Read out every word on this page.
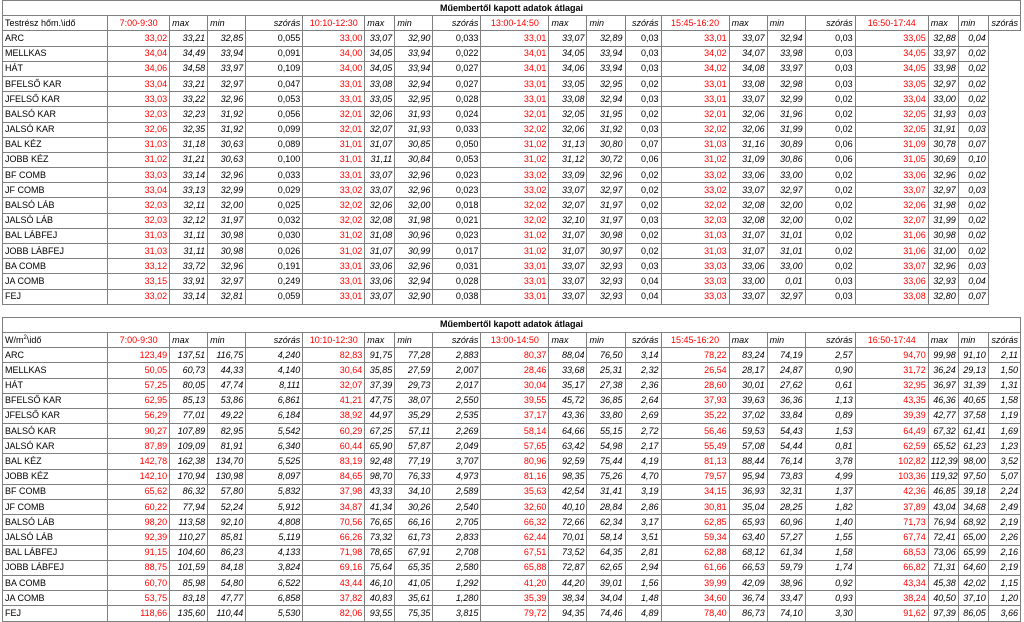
Műembertől kapott adatok átlagai																				
Testrész hőm.\idő	7:00-9:30	max	min	szórás	10:10-12:30	max	min	szórás	13:00-14:50	max	min	szórás	15:45-16:20	max	min	szórás	16:50-17:44	max	min	szórás
ARC	33,02	33,21	32,85	0,055	33,00	33,07	32,90	0,033	33,01	33,07	32,89	0,03	33,01	33,07	32,94	0,03	33,05	32,88	0,04	
MELLKAS	34,04	34,49	33,94	0,091	34,00	34,05	33,94	0,022	34,01	34,05	33,94	0,03	34,02	34,07	33,98	0,03	34,05	33,97	0,02	
HÁT	34,06	34,58	33,97	0,109	34,00	34,05	33,94	0,027	34,01	34,06	33,94	0,03	34,02	34,08	33,97	0,03	34,05	33,98	0,02	
BFELSŐ KAR	33,04	33,21	32,97	0,047	33,01	33,08	32,94	0,027	33,01	33,05	32,95	0,02	33,01	33,08	32,98	0,03	33,05	32,97	0,02	
JFELSŐ KAR	33,03	33,22	32,96	0,053	33,01	33,05	32,95	0,028	33,01	33,08	32,94	0,03	33,01	33,07	32,99	0,02	33,04	33,00	0,02	
BALSÓ KAR	32,03	32,23	31,92	0,056	32,01	32,06	31,93	0,024	32,01	32,05	31,95	0,02	32,01	32,06	31,96	0,02	32,05	31,93	0,03	
JALSÓ KAR	32,06	32,35	31,92	0,099	32,01	32,07	31,93	0,033	32,02	32,06	31,92	0,03	32,02	32,06	31,99	0,02	32,05	31,91	0,03	
BAL KÉZ	31,03	31,18	30,63	0,089	31,01	31,07	30,85	0,050	31,02	31,13	30,80	0,07	31,03	31,16	30,89	0,06	31,09	30,78	0,07	
JOBB KÉZ	31,02	31,21	30,63	0,100	31,01	31,11	30,84	0,053	31,02	31,12	30,72	0,06	31,02	31,09	30,86	0,06	31,05	30,69	0,10	
BF COMB	33,03	33,14	32,96	0,033	33,01	33,07	32,96	0,023	33,02	33,09	32,96	0,02	33,02	33,06	33,00	0,02	33,06	32,96	0,02	
JF COMB	33,04	33,13	32,99	0,029	33,02	33,07	32,96	0,023	33,02	33,07	32,97	0,02	33,02	33,07	32,97	0,02	33,07	32,97	0,03	
BALSÓ LÁB	32,03	32,11	32,00	0,025	32,02	32,06	32,00	0,018	32,02	32,07	31,97	0,02	32,02	32,08	32,00	0,02	32,06	31,98	0,02	
JALSÓ LÁB	32,03	32,12	31,97	0,032	32,02	32,08	31,98	0,021	32,02	32,10	31,97	0,03	32,03	32,08	32,00	0,02	32,07	31,99	0,02	
BAL LÁBFEJ	31,03	31,11	30,98	0,030	31,02	31,08	30,96	0,023	31,02	31,07	30,98	0,02	31,03	31,07	31,01	0,02	31,06	30,98	0,02	
JOBB LÁBFEJ	31,03	31,11	30,98	0,026	31,02	31,07	30,99	0,017	31,02	31,07	30,97	0,02	31,03	31,07	31,01	0,02	31,06	31,00	0,02	
BA COMB	33,12	33,72	32,96	0,191	33,01	33,06	32,96	0,031	33,01	33,07	32,93	0,03	33,03	33,06	33,00	0,02	33,07	32,96	0,03	
JA COMB	33,15	33,91	32,97	0,249	33,01	33,06	32,94	0,028	33,01	33,07	32,93	0,04	33,03	33,00	0,01	0,03	33,06	32,93	0,04	
FEJ	33,02	33,14	32,81	0,059	33,01	33,07	32,90	0,038	33,01	33,07	32,93	0,04	33,03	33,07	32,97	0,03	33,08	32,80	0,07	
Műembertől kapott adatok átlagai																				
$W/m^2\backslash idő$	7:00-9:30	max	min	szórás	10:10-12:30	max	min	szórás	13:00-14:50	max	min	szórás	15:45-16:20	max	min	szórás	16:50-17:44	max	min	szórás
ARC	123,49	137,51	116,75	4,240	82,83	91,75	77,28	2,883	80,37	88,04	76,50	3,14	78,22	83,24	74,19	2,57	94,70	99,98	91,10	2,11
MELLKAS	50,05	60,73	44,33	4,140	30,64	35,85	27,59	2,007	28,46	33,68	25,31	2,32	26,54	28,17	24,87	0,90	31,72	36,24	29,13	1,50
HÁT	57,25	80,05	47,74	8,111	32,07	37,39	29,73	2,017	30,04	35,17	27,38	2,36	28,60	30,01	27,62	0,61	32,95	36,97	31,39	1,31
BFELSŐ KAR	62,95	85,13	53,86	6,861	41,21	47,75	38,07	2,550	39,55	45,72	36,85	2,64	37,93	39,63	36,36	1,13	43,35	46,36	40,65	1,58
JFELSŐ KAR	56,29	77,01	49,22	6,184	38,92	44,97	35,29	2,535	37,17	43,36	33,80	2,69	35,22	37,02	33,84	0,89	39,39	42,77	37,58	1,19
BALSÓ KAR	90,27	107,89	82,95	5,542	60,29	67,25	57,11	2,269	58,14	64,66	55,15	2,72	56,46	59,53	54,43	1,53	64,49	67,32	61,41	1,69
JALSÓ KAR	87,89	109,09	81,91	6,340	60,44	65,90	57,87	2,049	57,65	63,42	54,98	2,17	55,49	57,08	54,44	0,81	62,59	65,52	61,23	1,23
BAL KÉZ	142,78	162,38	134,70	5,525	83,19	92,48	77,19	3,707	80,96	92,59	75,44	4,19	81,13	88,44	76,14	3,78	102,82	112,39	98,00	3,52
JOBB KÉZ	142,10	170,94	130,98	8,097	84,65	98,70	76,33	4,973	81,16	98,35	75,26	4,70	79,57	95,94	73,83	4,99	103,36	119,32	97,50	5,07
BF COMB	65,62	86,32	57,80	5,832	37,98	43,33	34,10	2,589	35,63	42,54	31,41	3,19	34,15	36,93	32,31	1,37	42,36	46,85	39,18	2,24
JF COMB	60,22	77,94	52,24	5,912	34,87	41,34	30,26	2,540	32,60	40,10	28,84	2,86	30,81	35,04	28,25	1,82	37,89	43,04	34,68	2,49
BALSÓ LÁB	98,20	113,58	92,10	4,808	70,56	76,65	66,16	2,705	66,32	72,66	62,34	3,17	62,85	65,93	60,96	1,40	71,73	76,94	68,92	2,19
JALSÓ LÁB	92,39	110,27	85,81	5,119	66,26	73,32	61,73	2,833	62,44	70,01	58,14	3,51	59,34	63,40	57,27	1,55	67,74	72,41	65,00	2,26
BAL LÁBFEJ	91,15	104,60	86,23	4,133	71,98	78,65	67,91	2,708	67,51	73,52	64,35	2,81	62,88	68,12	61,34	1,58	68,53	73,06	65,99	2,16
JOBB LÁBFEJ	88,75	101,59	84,18	3,824	69,16	75,64	65,35	2,580	65,88	72,87	62,65	2,94	61,66	66,53	59,79	1,74	66,82	71,31	64,60	2,19
BA COMB	60,70	85,98	54,80	6,522	43,44	46,10	41,05	1,292	41,20	44,20	39,01	1,56	39,99	42,09	38,96	0,92	43,34	45,38	42,02	1,15
JA COMB	53,75	83,18	47,77	6,858	37,82	40,83	35,61	1,280	35,39	38,34	34,04	1,48	34,60	36,74	33,47	0,93	38,24	40,50	37,10	1,20
FEJ	118,66	135,60	110,44	5,530	82,06	93,55	75,35	3,815	79,72	94,35	74,46	4,89	78,40	86,73	74,10	3,30	91,62	97,39	86,05	3,66
